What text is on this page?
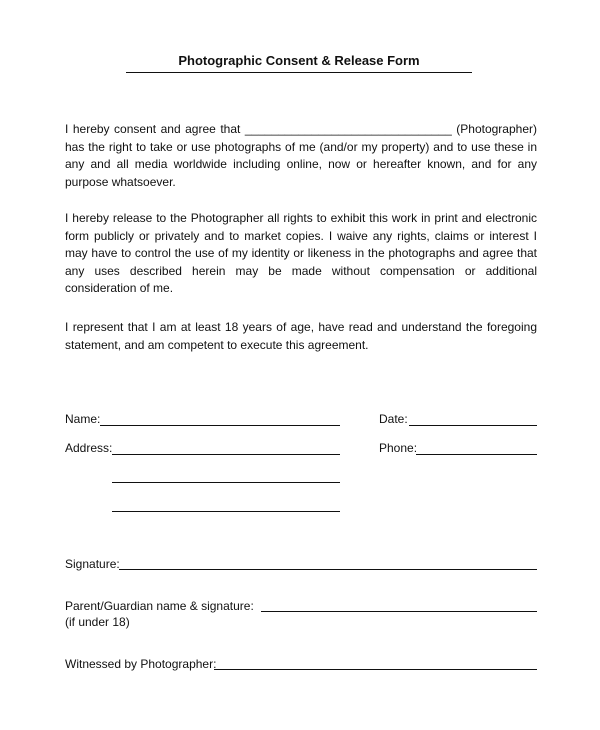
Photographic Consent & Release Form
I hereby consent and agree that _______________________________ (Photographer) has the right to take or use photographs of me (and/or my property) and to use these in any and all media worldwide including online, now or hereafter known, and for any purpose whatsoever.
I hereby release to the Photographer all rights to exhibit this work in print and electronic form publicly or privately and to market copies. I waive any rights, claims or interest I may have to control the use of my identity or likeness in the photographs and agree that any uses described herein may be made without compensation or additional consideration of me.
I represent that I am at least 18 years of age, have read and understand the foregoing statement, and am competent to execute this agreement.
Name:	Date:
Address:	Phone:
Signature:
Parent/Guardian name & signature:
(if under 18)
Witnessed by Photographer:
